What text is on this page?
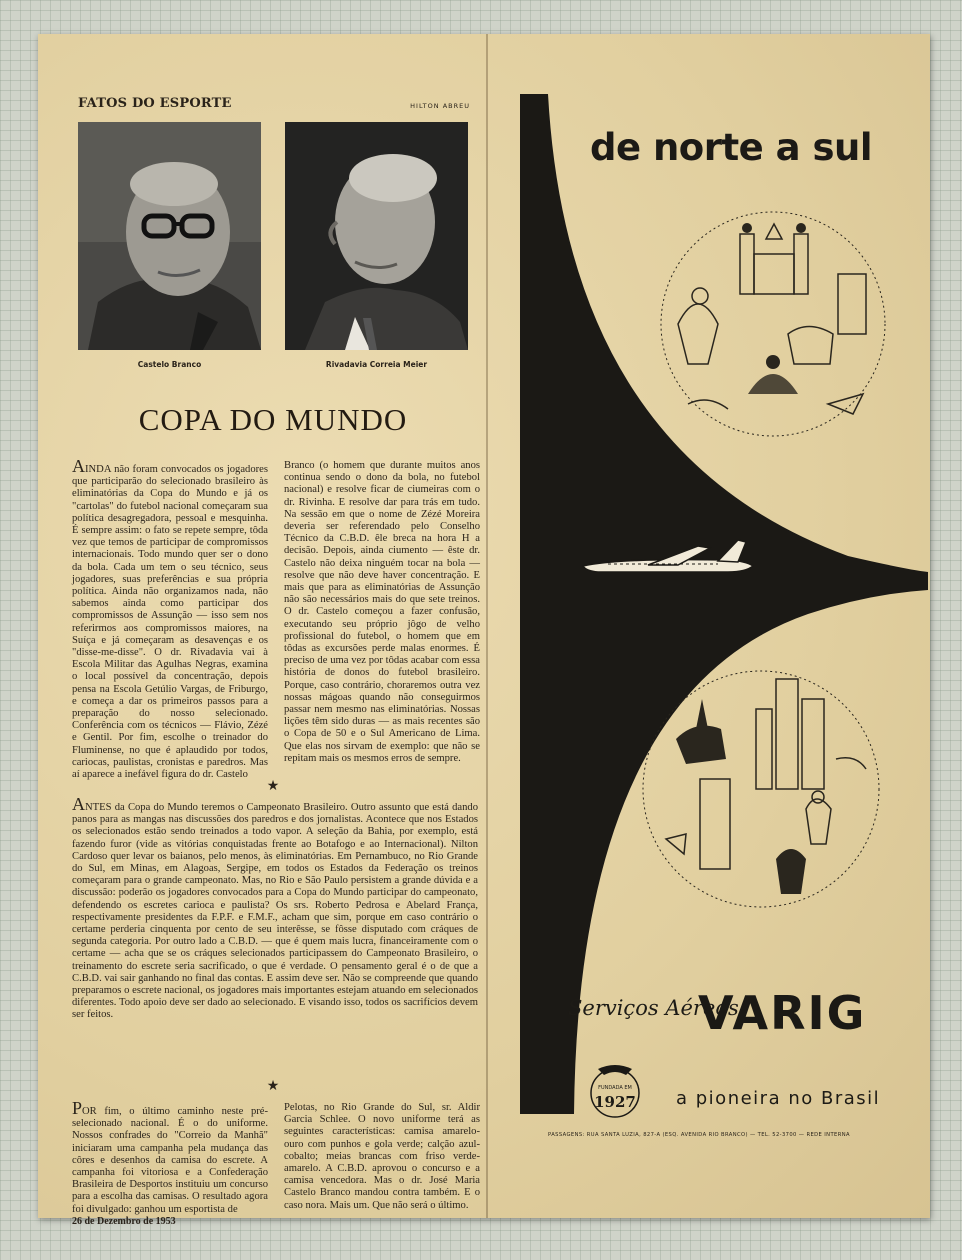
FATOS DO ESPORTE	HILTON ABREU
Castelo Branco	Rivadavia Correia Meier
COPA DO MUNDO
AINDA não foram convocados os jogadores que participarão do selecionado brasileiro às eliminatórias da Copa do Mundo e já os "cartolas" do futebol nacional começaram sua política desagregadora, pessoal e mesquinha. É sempre assim: o fato se repete sempre, tôda vez que temos de participar de compromissos internacionais. Todo mundo quer ser o dono da bola. Cada um tem o seu técnico, seus jogadores, suas preferências e sua própria política. Ainda não organizamos nada, não sabemos ainda como participar dos compromissos de Assunção — isso sem nos referirmos aos compromissos maiores, na Suíça e já começaram as desavenças e os "disse-me-disse". O dr. Rivadavia vai à Escola Militar das Agulhas Negras, examina o local possível da concentração, depois pensa na Escola Getúlio Vargas, de Friburgo, e começa a dar os primeiros passos para a preparação do nosso selecionado. Conferência com os técnicos — Flávio, Zézé e Gentil. Por fim, escolhe o treinador do Fluminense, no que é aplaudido por todos, cariocas, paulistas, cronistas e paredros. Mas aí aparece a inefável figura do dr. Castelo
Branco (o homem que durante muitos anos continua sendo o dono da bola, no futebol nacional) e resolve ficar de ciumeiras com o dr. Rivinha. E resolve dar para trás em tudo. Na sessão em que o nome de Zézé Moreira deveria ser referendado pelo Conselho Técnico da C.B.D. êle breca na hora H a decisão. Depois, ainda ciumento — êste dr. Castelo não deixa ninguém tocar na bola — resolve que não deve haver concentração. E mais que para as eliminatórias de Assunção não são necessários mais do que sete treinos. O dr. Castelo começou a fazer confusão, executando seu próprio jôgo de velho profissional do futebol, o homem que em tôdas as excursões perde malas enormes. É preciso de uma vez por tôdas acabar com essa história de donos do futebol brasileiro. Porque, caso contrário, choraremos outra vez nossas mágoas quando não conseguirmos passar nem mesmo nas eliminatórias. Nossas lições têm sido duras — as mais recentes são o Copa de 50 e o Sul Americano de Lima. Que elas nos sirvam de exemplo: que não se repitam mais os mesmos erros de sempre.
★
ANTES da Copa do Mundo teremos o Campeonato Brasileiro. Outro assunto que está dando panos para as mangas nas discussões dos paredros e dos jornalistas. Acontece que nos Estados os selecionados estão sendo treinados a todo vapor. A seleção da Bahia, por exemplo, está fazendo furor (vide as vitórias conquistadas frente ao Botafogo e ao Internacional). Nilton Cardoso quer levar os baianos, pelo menos, às eliminatórias. Em Pernambuco, no Rio Grande do Sul, em Minas, em Alagoas, Sergipe, em todos os Estados da Federação os treinos começaram para o grande campeonato. Mas, no Rio e São Paulo persistem a grande dúvida e a discussão: poderão os jogadores convocados para a Copa do Mundo participar do campeonato, defendendo os escretes carioca e paulista? Os srs. Roberto Pedrosa e Abelard França, respectivamente presidentes da F.P.F. e F.M.F., acham que sim, porque em caso contrário o certame perderia cinquenta por cento de seu interêsse, se fôsse disputado com cráques de segunda categoria. Por outro lado a C.B.D. — que é quem mais lucra, financeiramente com o certame — acha que se os cráques selecionados participassem do Campeonato Brasileiro, o treinamento do escrete seria sacrificado, o que é verdade. O pensamento geral é o de que a C.B.D. vai sair ganhando no final das contas. E assim deve ser. Não se compreende que quando preparamos o escrete nacional, os jogadores mais importantes estejam atuando em selecionados diferentes. Todo apoio deve ser dado ao selecionado. E visando isso, todos os sacrifícios devem ser feitos.
★
POR fim, o último caminho neste pré-selecionado nacional. É o do uniforme. Nossos confrades do "Correio da Manhã" iniciaram uma campanha pela mudança das côres e desenhos da camisa do escrete. A campanha foi vitoriosa e a Confederação Brasileira de Desportos instituiu um concurso para a escolha das camisas. O resultado agora foi divulgado: ganhou um esportista de
Pelotas, no Rio Grande do Sul, sr. Aldir Garcia Schlee. O novo uniforme terá as seguintes características: camisa amarelo-ouro com punhos e gola verde; calção azul-cobalto; meias brancas com friso verde-amarelo. A C.B.D. aprovou o concurso e a camisa vencedora. Mas o dr. José Maria Castelo Branco mandou contra também. E o caso nora. Mais um. Que não será o último.
26 de Dezembro de 1953
de norte a sul
Serviços Aéreos
VARIG
FUNDADA EM
1927 a pioneira no Brasil
PASSAGENS: RUA SANTA LUZIA, 827-A (ESQ. AVENIDA RIO BRANCO) — TEL. 52-3700 — REDE INTERNA
